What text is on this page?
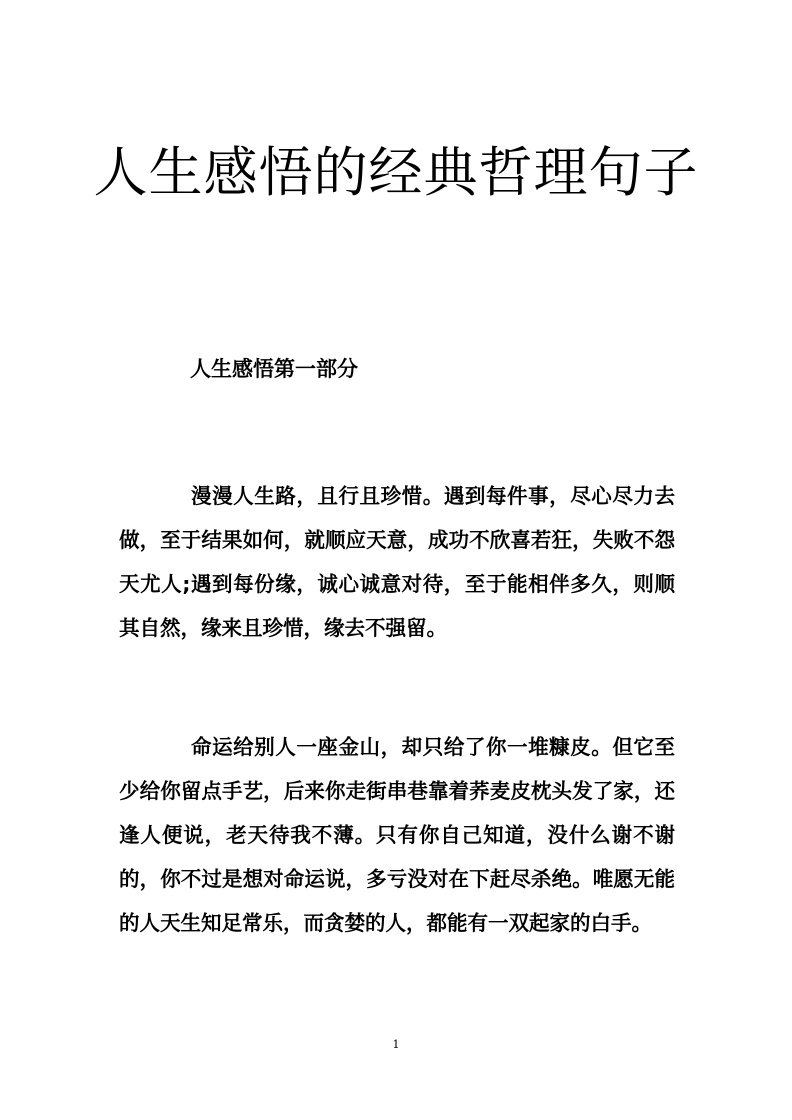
人生感悟的经典哲理句子
人生感悟第一部分

漫漫人生路，且行且珍惜。遇到每件事，尽心尽力去做，至于结果如何，就顺应天意，成功不欣喜若狂，失败不怨天尤人;遇到每份缘，诚心诚意对待，至于能相伴多久，则顺其自然，缘来且珍惜，缘去不强留。

命运给别人一座金山，却只给了你一堆糠皮。但它至少给你留点手艺，后来你走街串巷靠着荞麦皮枕头发了家，还逢人便说，老天待我不薄。只有你自己知道，没什么谢不谢的，你不过是想对命运说，多亏没对在下赶尽杀绝。唯愿无能的人天生知足常乐，而贪婪的人，都能有一双起家的白手。

1
